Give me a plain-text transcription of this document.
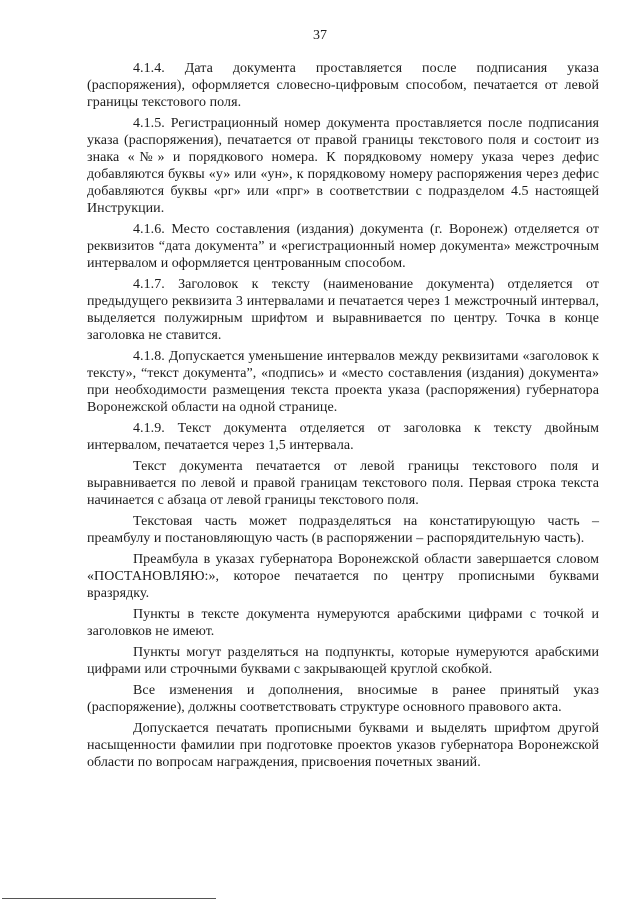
37

4.1.4. Дата документа проставляется после подписания указа (распоряжения), оформляется словесно-цифровым способом, печатается от левой границы текстового поля.

4.1.5. Регистрационный номер документа проставляется после подписания указа (распоряжения), печатается от правой границы текстового поля и состоит из знака «№» и порядкового номера. К порядковому номеру указа через дефис добавляются буквы «у» или «ун», к порядковому номеру распоряжения через дефис добавляются буквы «рг» или «прг» в соответствии с подразделом 4.5 настоящей Инструкции.

4.1.6. Место составления (издания) документа (г. Воронеж) отделяется от реквизитов “дата документа” и «регистрационный номер документа» межстрочным интервалом и оформляется центрованным способом.

4.1.7. Заголовок к тексту (наименование документа) отделяется от предыдущего реквизита 3 интервалами и печатается через 1 межстрочный интервал, выделяется полужирным шрифтом и выравнивается по центру. Точка в конце заголовка не ставится.

4.1.8. Допускается уменьшение интервалов между реквизитами «заголовок к тексту», “текст документа”, «подпись» и «место составления (издания) документа» при необходимости размещения текста проекта указа (распоряжения) губернатора Воронежской области на одной странице.

4.1.9. Текст документа отделяется от заголовка к тексту двойным интервалом, печатается через 1,5 интервала.

Текст документа печатается от левой границы текстового поля и выравнивается по левой и правой границам текстового поля. Первая строка текста начинается с абзаца от левой границы текстового поля.

Текстовая часть может подразделяться на констатирующую часть – преамбулу и постановляющую часть (в распоряжении – распорядительную часть).

Преамбула в указах губернатора Воронежской области завершается словом «ПОСТАНОВЛЯЮ:», которое печатается по центру прописными буквами вразрядку.

Пункты в тексте документа нумеруются арабскими цифрами с точкой и заголовков не имеют.

Пункты могут разделяться на подпункты, которые нумеруются арабскими цифрами или строчными буквами с закрывающей круглой скобкой.

Все изменения и дополнения, вносимые в ранее принятый указ (распоряжение), должны соответствовать структуре основного правового акта.

Допускается печатать прописными буквами и выделять шрифтом другой насыщенности фамилии при подготовке проектов указов губернатора Воронежской области по вопросам награждения, присвоения почетных званий.
